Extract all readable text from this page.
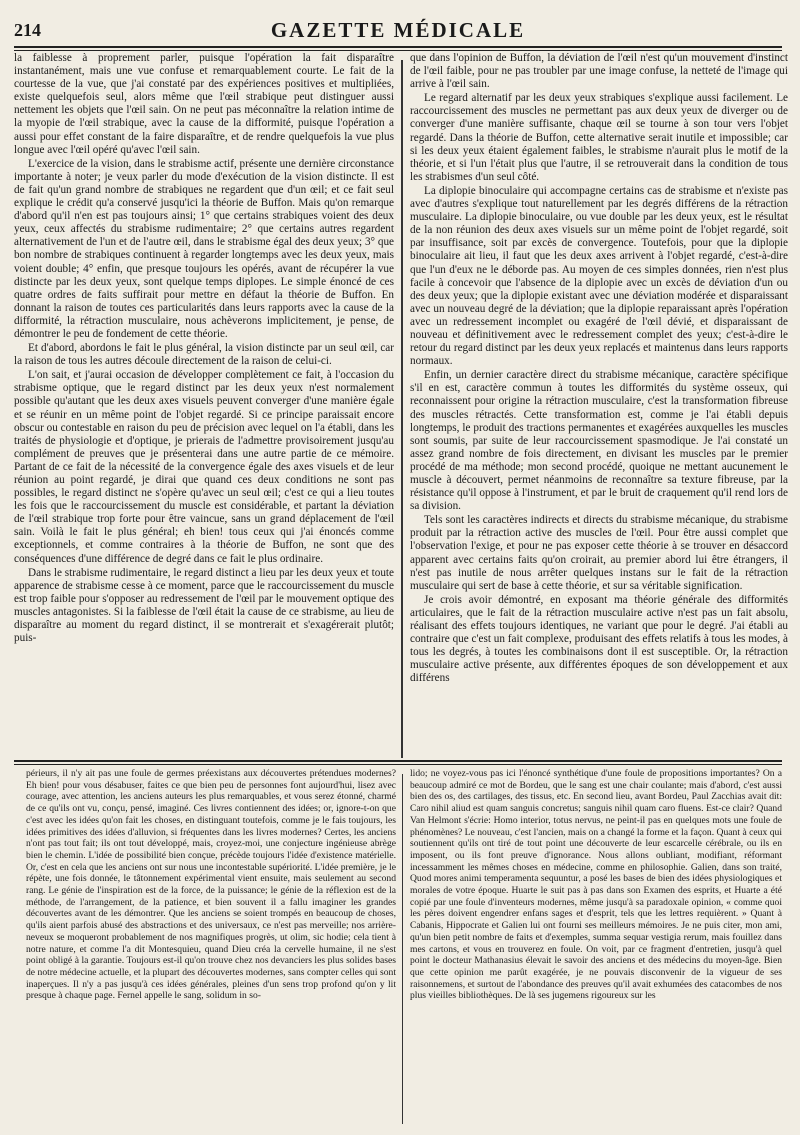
GAZETTE MÉDICALE
214

la faiblesse à proprement parler, puisque l'opération la fait disparaître instantanément, mais une vue confuse et remarquablement courte. Le fait de la courtesse de la vue, que j'ai constaté par des expériences positives et multipliées, existe quelquefois seul, alors même que l'œil strabique peut distinguer aussi nettement les objets que l'œil sain. On ne peut pas méconnaître la relation intime de la myopie de l'œil strabique, avec la cause de la difformité, puisque l'opération a aussi pour effet constant de la faire disparaître, et de rendre quelquefois la vue plus longue avec l'œil opéré qu'avec l'œil sain.

L'exercice de la vision, dans le strabisme actif, présente une dernière circonstance importante à noter; je veux parler du mode d'exécution de la vision distincte. Il est de fait qu'un grand nombre de strabiques ne regardent que d'un œil; et ce fait seul explique le crédit qu'a conservé jusqu'ici la théorie de Buffon. Mais qu'on remarque d'abord qu'il n'en est pas toujours ainsi; 1° que certains strabiques voient des deux yeux, ceux affectés du strabisme rudimentaire; 2° que certains autres regardent alternativement de l'un et de l'autre œil, dans le strabisme égal des deux yeux; 3° que bon nombre de strabiques continuent à regarder longtemps avec les deux yeux, mais voient double; 4° enfin, que presque toujours les opérés, avant de récupérer la vue distincte par les deux yeux, sont quelque temps diplopes. Le simple énoncé de ces quatre ordres de faits suffirait pour mettre en défaut la théorie de Buffon. En donnant la raison de toutes ces particularités dans leurs rapports avec la cause de la difformité, la rétraction musculaire, nous achèverons implicitement, je pense, de démontrer le peu de fondement de cette théorie.

Et d'abord, abordons le fait le plus général, la vision distincte par un seul œil, car la raison de tous les autres découle directement de la raison de celui-ci.

L'on sait, et j'aurai occasion de développer complètement ce fait, à l'occasion du strabisme optique, que le regard distinct par les deux yeux n'est normalement possible qu'autant que les deux axes visuels peuvent converger d'une manière égale et se réunir en un même point de l'objet regardé. Si ce principe paraissait encore obscur ou contestable en raison du peu de précision avec lequel on l'a établi, dans les traités de physiologie et d'optique, je prierais de l'admettre provisoirement jusqu'au complément de preuves que je présenterai dans une autre partie de ce mémoire. Partant de ce fait de la nécessité de la convergence égale des axes visuels et de leur réunion au point regardé, je dirai que quand ces deux conditions ne sont pas possibles, le regard distinct ne s'opère qu'avec un seul œil; c'est ce qui a lieu toutes les fois que le raccourcissement du muscle est considérable, et partant la déviation de l'œil strabique trop forte pour être vaincue, sans un grand déplacement de l'œil sain. Voilà le fait le plus général; eh bien! tous ceux qui j'ai énoncés comme exceptionnels, et comme contraires à la théorie de Buffon, ne sont que des conséquences d'une différence de degré dans ce fait le plus ordinaire.

Dans le strabisme rudimentaire, le regard distinct a lieu par les deux yeux et toute apparence de strabisme cesse à ce moment, parce que le raccourcissement du muscle est trop faible pour s'opposer au redressement de l'œil par le mouvement optique des muscles antagonistes. Si la faiblesse de l'œil était la cause de ce strabisme, au lieu de disparaître au moment du regard distinct, il se montrerait et s'exagérerait plutôt; puis-

que dans l'opinion de Buffon, la déviation de l'œil n'est qu'un mouvement d'instinct de l'œil faible, pour ne pas troubler par une image confuse, la netteté de l'image qui arrive à l'œil sain.

Le regard alternatif par les deux yeux strabiques s'explique aussi facilement. Le raccourcissement des muscles ne permettant pas aux deux yeux de diverger ou de converger d'une manière suffisante, chaque œil se tourne à son tour vers l'objet regardé. Dans la théorie de Buffon, cette alternative serait inutile et impossible; car si les deux yeux étaient également faibles, le strabisme n'aurait plus le motif de la théorie, et si l'un l'était plus que l'autre, il se retrouverait dans la condition de tous les strabismes d'un seul côté.

La diplopie binoculaire qui accompagne certains cas de strabisme et n'existe pas avec d'autres s'explique tout naturellement par les degrés différens de la rétraction musculaire. La diplopie binoculaire, ou vue double par les deux yeux, est le résultat de la non réunion des deux axes visuels sur un même point de l'objet regardé, soit par insuffisance, soit par excès de convergence. Toutefois, pour que la diplopie binoculaire ait lieu, il faut que les deux axes arrivent à l'objet regardé, c'est-à-dire que l'un d'eux ne le déborde pas. Au moyen de ces simples données, rien n'est plus facile à concevoir que l'absence de la diplopie avec un excès de déviation d'un ou des deux yeux; que la diplopie existant avec une déviation modérée et disparaissant avec un nouveau degré de la déviation; que la diplopie reparaissant après l'opération avec un redressement incomplet ou exagéré de l'œil dévié, et disparaissant de nouveau et définitivement avec le redressement complet des yeux; c'est-à-dire le retour du regard distinct par les deux yeux replacés et maintenus dans leurs rapports normaux.

Enfin, un dernier caractère direct du strabisme mécanique, caractère spécifique s'il en est, caractère commun à toutes les difformités du système osseux, qui reconnaissent pour origine la rétraction musculaire, c'est la transformation fibreuse des muscles rétractés. Cette transformation est, comme je l'ai établi depuis longtemps, le produit des tractions permanentes et exagérées auxquelles les muscles sont soumis, par suite de leur raccourcissement spasmodique. Je l'ai constaté un assez grand nombre de fois directement, en divisant les muscles par le premier procédé de ma méthode; mon second procédé, quoique ne mettant aucunement le muscle à découvert, permet néanmoins de reconnaître sa texture fibreuse, par la résistance qu'il oppose à l'instrument, et par le bruit de craquement qu'il rend lors de sa division.

Tels sont les caractères indirects et directs du strabisme mécanique, du strabisme produit par la rétraction active des muscles de l'œil. Pour être aussi complet que l'observation l'exige, et pour ne pas exposer cette théorie à se trouver en désaccord apparent avec certains faits qu'on croirait, au premier abord lui être étrangers, il n'est pas inutile de nous arrêter quelques instans sur le fait de la rétraction musculaire qui sert de base à cette théorie, et sur sa véritable signification.

Je crois avoir démontré, en exposant ma théorie générale des difformités articulaires, que le fait de la rétraction musculaire active n'est pas un fait absolu, réalisant des effets toujours identiques, ne variant que pour le degré. J'ai établi au contraire que c'est un fait complexe, produisant des effets relatifs à tous les modes, à tous les degrés, à toutes les combinaisons dont il est susceptible. Or, la rétraction musculaire active présente, aux différentes époques de son développement et aux différens

périeurs, il n'y ait pas une foule de germes préexistans aux découvertes prétendues modernes? Eh bien! pour vous désabuser, faites ce que bien peu de personnes font aujourd'hui, lisez avec courage, avec attention, les anciens auteurs les plus remarquables, et vous serez étonné, charmé de ce qu'ils ont vu, conçu, pensé, imaginé. Ces livres contiennent des idées; or, ignore-t-on que c'est avec les idées qu'on fait les choses, en distinguant toutefois, comme je le fais toujours, les idées primitives des idées d'alluvion, si fréquentes dans les livres modernes? Certes, les anciens n'ont pas tout fait; ils ont tout développé, mais, croyez-moi, une conjecture ingénieuse abrège bien le chemin. L'idée de possibilité bien conçue, précède toujours l'idée d'existence matérielle. Or, c'est en cela que les anciens ont sur nous une incontestable supériorité. L'idée première, je le répète, une fois donnée, le tâtonnement expérimental vient ensuite, mais seulement au second rang. Le génie de l'inspiration est de la force, de la puissance; le génie de la réflexion est de la méthode, de l'arrangement, de la patience, et bien souvent il a fallu imaginer les grandes découvertes avant de les démontrer. Que les anciens se soient trompés en beaucoup de choses, qu'ils aient parfois abusé des abstractions et des universaux, ce n'est pas merveille; nos arrière-neveux se moqueront probablement de nos magnifiques progrès, ut olim, sic hodie; cela tient à notre nature, et comme l'a dit Montesquieu, quand Dieu créa la cervelle humaine, il ne s'est point obligé à la garantie. Toujours est-il qu'on trouve chez nos devanciers les plus solides bases de notre médecine actuelle, et la plupart des découvertes modernes, sans compter celles qui sont inaperçues. Il n'y a pas jusqu'à ces idées générales, pleines d'un sens trop profond qu'on y lit presque à chaque page. Fernel appelle le sang, solidum in so-

lido; ne voyez-vous pas ici l'énoncé synthétique d'une foule de propositions importantes? On a beaucoup admiré ce mot de Bordeu, que le sang est une chair coulante; mais d'abord, c'est aussi bien des os, des cartilages, des tissus, etc. En second lieu, avant Bordeu, Paul Zacchias avait dit: Caro nihil aliud est quam sanguis concretus; sanguis nihil quam caro fluens. Est-ce clair? Quand Van Helmont s'écrie: Homo interior, totus nervus, ne peint-il pas en quelques mots une foule de phénomènes? Le nouveau, c'est l'ancien, mais on a changé la forme et la façon. Quant à ceux qui soutiennent qu'ils ont tiré de tout point une découverte de leur escarcelle cérébrale, ou ils en imposent, ou ils font preuve d'ignorance. Nous allons oubliant, modifiant, réformant incessamment les mêmes choses en médecine, comme en philosophie. Galien, dans son traité, Quod mores animi temperamenta sequuntur, a posé les bases de bien des idées physiologiques et morales de votre époque. Huarte le suit pas à pas dans son Examen des esprits, et Huarte a été copié par une foule d'inventeurs modernes, même jusqu'à sa paradoxale opinion, « comme quoi les pères doivent engendrer enfans sages et d'esprit, tels que les lettres requièrent. » Quant à Cabanis, Hippocrate et Galien lui ont fourni ses meilleurs mémoires. Je ne puis citer, mon ami, qu'un bien petit nombre de faits et d'exemples, summa sequar vestigia rerum, mais fouillez dans mes cartons, et vous en trouverez en foule. On voit, par ce fragment d'entretien, jusqu'à quel point le docteur Mathanasius élevait le savoir des anciens et des médecins du moyen-âge. Bien que cette opinion me parût exagérée, je ne pouvais disconvenir de la vigueur de ses raisonnemens, et surtout de l'abondance des preuves qu'il avait exhumées des catacombes de nos plus vieilles bibliothèques. De là ses jugemens rigoureux sur les
